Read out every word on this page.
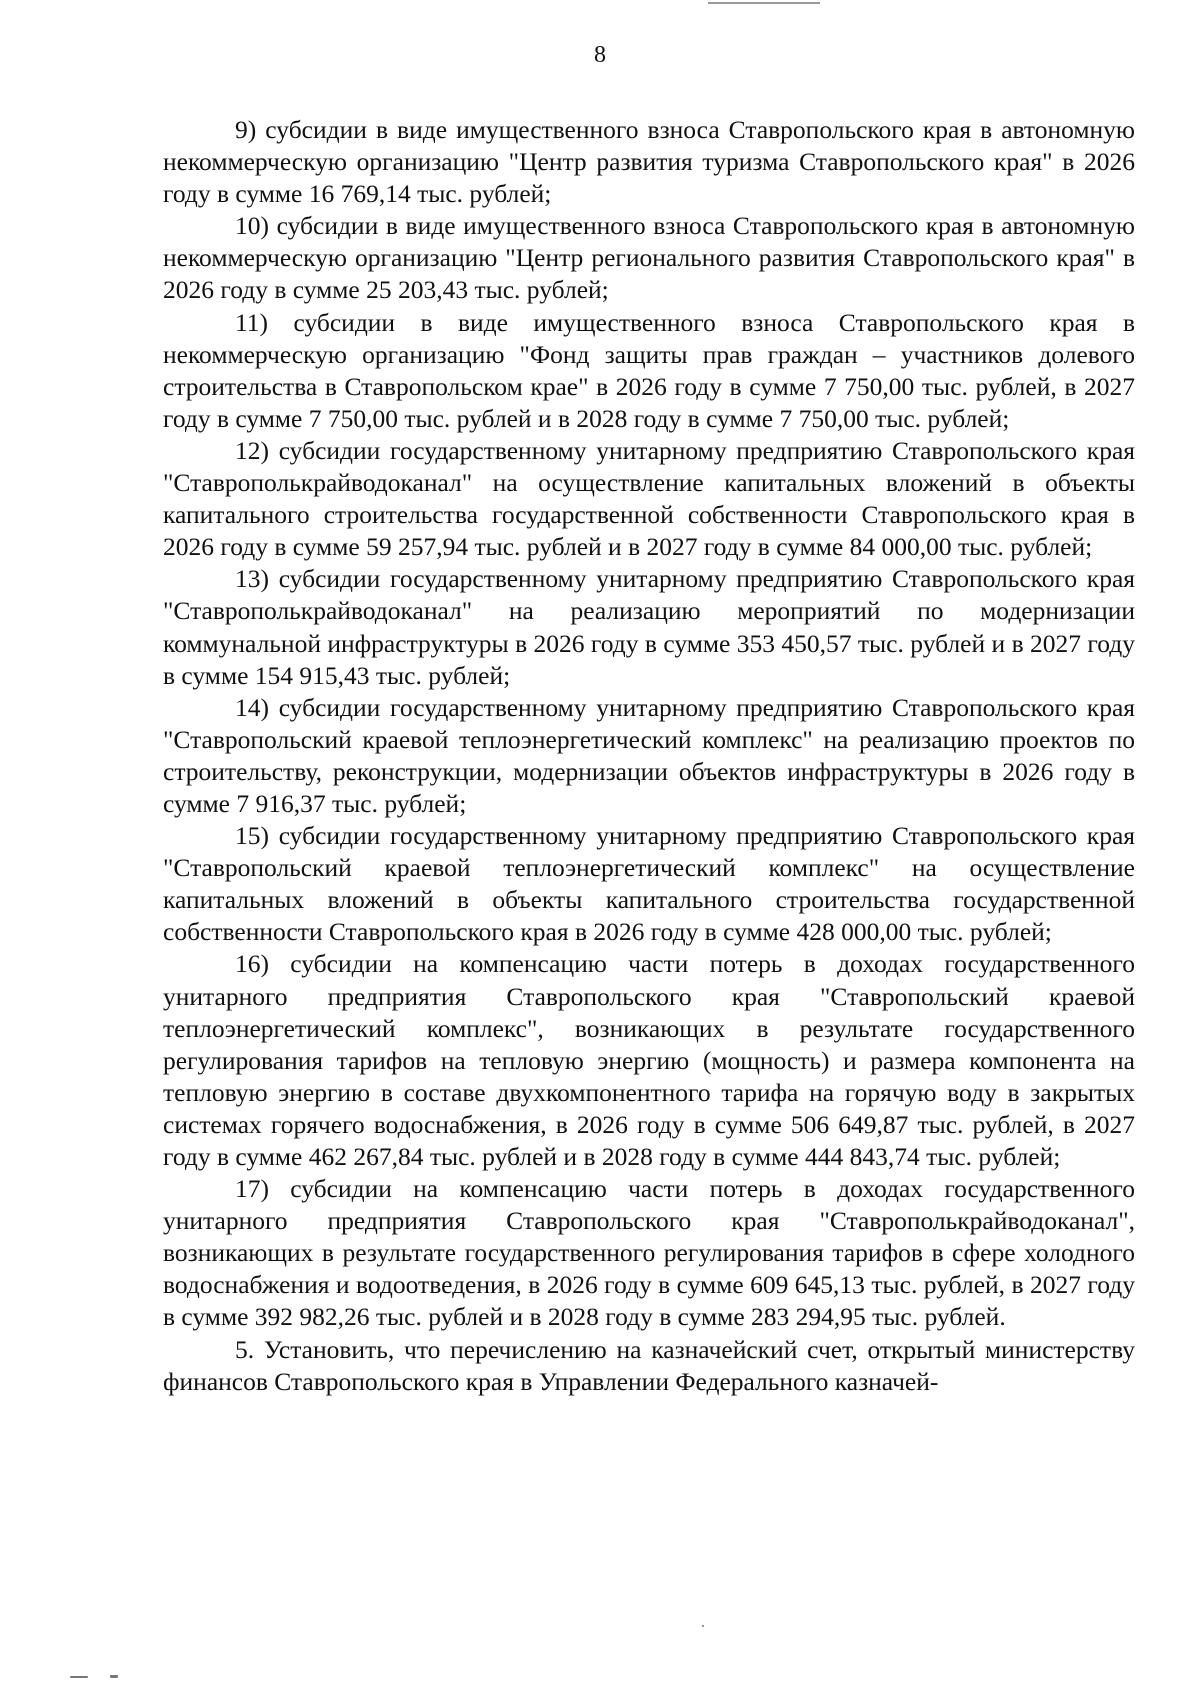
8

9) субсидии в виде имущественного взноса Ставропольского края в автономную некоммерческую организацию "Центр развития туризма Ставропольского края" в 2026 году в сумме 16 769,14 тыс. рублей;

10) субсидии в виде имущественного взноса Ставропольского края в автономную некоммерческую организацию "Центр регионального развития Ставропольского края" в 2026 году в сумме 25 203,43 тыс. рублей;

11) субсидии в виде имущественного взноса Ставропольского края в некоммерческую организацию "Фонд защиты прав граждан – участников долевого строительства в Ставропольском крае" в 2026 году в сумме 7 750,00 тыс. рублей, в 2027 году в сумме 7 750,00 тыс. рублей и в 2028 году в сумме 7 750,00 тыс. рублей;

12) субсидии государственному унитарному предприятию Ставропольского края "Ставрополькрайводоканал" на осуществление капитальных вложений в объекты капитального строительства государственной собственности Ставропольского края в 2026 году в сумме 59 257,94 тыс. рублей и в 2027 году в сумме 84 000,00 тыс. рублей;

13) субсидии государственному унитарному предприятию Ставропольского края "Ставрополькрайводоканал" на реализацию мероприятий по модернизации коммунальной инфраструктуры в 2026 году в сумме 353 450,57 тыс. рублей и в 2027 году в сумме 154 915,43 тыс. рублей;

14) субсидии государственному унитарному предприятию Ставропольского края "Ставропольский краевой теплоэнергетический комплекс" на реализацию проектов по строительству, реконструкции, модернизации объектов инфраструктуры в 2026 году в сумме 7 916,37 тыс. рублей;

15) субсидии государственному унитарному предприятию Ставропольского края "Ставропольский краевой теплоэнергетический комплекс" на осуществление капитальных вложений в объекты капитального строительства государственной собственности Ставропольского края в 2026 году в сумме 428 000,00 тыс. рублей;

16) субсидии на компенсацию части потерь в доходах государственного унитарного предприятия Ставропольского края "Ставропольский краевой теплоэнергетический комплекс", возникающих в результате государственного регулирования тарифов на тепловую энергию (мощность) и размера компонента на тепловую энергию в составе двухкомпонентного тарифа на горячую воду в закрытых системах горячего водоснабжения, в 2026 году в сумме 506 649,87 тыс. рублей, в 2027 году в сумме 462 267,84 тыс. рублей и в 2028 году в сумме 444 843,74 тыс. рублей;

17) субсидии на компенсацию части потерь в доходах государственного унитарного предприятия Ставропольского края "Ставрополькрайводоканал", возникающих в результате государственного регулирования тарифов в сфере холодного водоснабжения и водоотведения, в 2026 году в сумме 609 645,13 тыс. рублей, в 2027 году в сумме 392 982,26 тыс. рублей и в 2028 году в сумме 283 294,95 тыс. рублей.

5. Установить, что перечислению на казначейский счет, открытый министерству финансов Ставропольского края в Управлении Федерального казначей-
